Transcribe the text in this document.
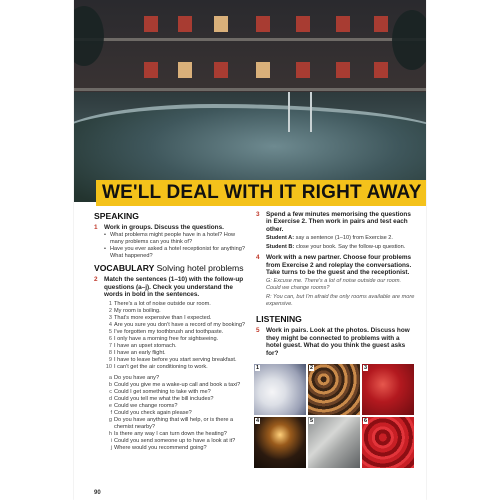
WE'LL DEAL WITH IT RIGHT AWAY
SPEAKING
1 Work in groups. Discuss the questions.
• What problems might people have in a hotel? How many problems can you think of?
• Have you ever asked a hotel receptionist for anything? What happened?
VOCABULARY Solving hotel problems
2 Match the sentences (1–10) with the follow-up questions (a–j). Check you understand the words in bold in the sentences.
1 There's a lot of noise outside our room.
2 My room is boiling.
3 That's more expensive than I expected.
4 Are you sure you don't have a record of my booking?
5 I've forgotten my toothbrush and toothpaste.
6 I only have a morning free for sightseeing.
7 I have an upset stomach.
8 I have an early flight.
9 I have to leave before you start serving breakfast.
10 I can't get the air conditioning to work.
a Do you have any?
b Could you give me a wake-up call and book a taxi?
c Could I get something to take with me?
d Could you tell me what the bill includes?
e Could we change rooms?
f Could you check again please?
g Do you have anything that will help, or is there a chemist nearby?
h Is there any way I can turn down the heating?
i Could you send someone up to have a look at it?
j Where would you recommend going?
3 Spend a few minutes memorising the questions in Exercise 2. Then work in pairs and test each other.
Student A: say a sentence (1–10) from Exercise 2.
Student B: close your book. Say the follow-up question.
4 Work with a new partner. Choose four problems from Exercise 2 and roleplay the conversations. Take turns to be the guest and the receptionist.
G: Excuse me. There's a lot of noise outside our room. Could we change rooms?
R: You can, but I'm afraid the only rooms available are more expensive.
LISTENING
5 Work in pairs. Look at the photos. Discuss how they might be connected to problems with a hotel guest. What do you think the guest asks for?
1	2	3
4	5	6
90
